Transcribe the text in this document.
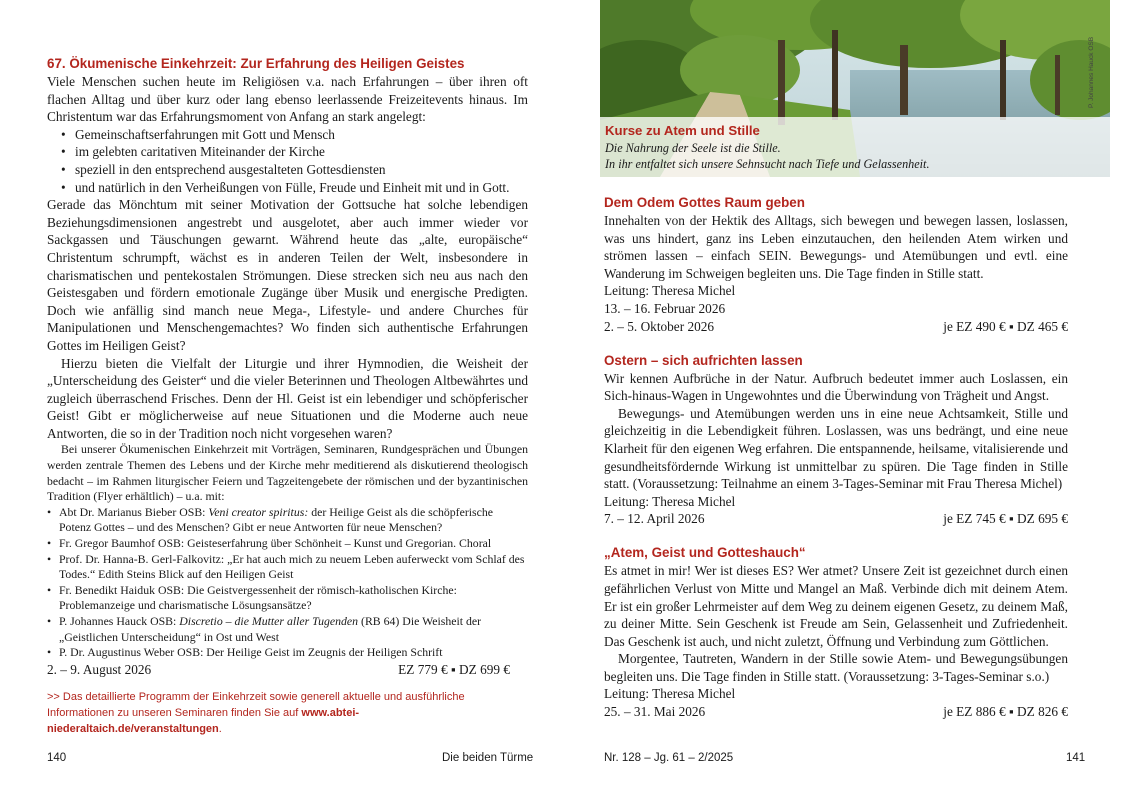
67. Ökumenische Einkehrzeit: Zur Erfahrung des Heiligen Geistes

Viele Menschen suchen heute im Religiösen v.a. nach Erfahrungen – über ihren oft flachen Alltag und über kurz oder lang ebenso leerlassende Freizeitevents hinaus. Im Christentum war das Erfahrungsmoment von Anfang an stark angelegt:

• Gemeinschaftserfahrungen mit Gott und Mensch
• im gelebten caritativen Miteinander der Kirche
• speziell in den entsprechend ausgestalteten Gottesdiensten
• und natürlich in den Verheißungen von Fülle, Freude und Einheit mit und in Gott.

Gerade das Mönchtum mit seiner Motivation der Gottsuche hat solche lebendigen Beziehungsdimensionen angestrebt und ausgelotet, aber auch immer wieder vor Sackgassen und Täuschungen gewarnt. Während heute das „alte, europäische“ Christentum schrumpft, wächst es in anderen Teilen der Welt, insbesondere in charismatischen und pentekostalen Strömungen. Diese strecken sich neu aus nach den Geistesgaben und fördern emotionale Zugänge über Musik und energische Predigten. Doch wie anfällig sind manch neue Mega-, Lifestyle- und andere Churches für Manipulationen und Menschengemachtes? Wo finden sich authentische Erfahrungen Gottes im Heiligen Geist?

Hierzu bieten die Vielfalt der Liturgie und ihrer Hymnodien, die Weisheit der „Unterscheidung des Geister“ und die vieler Beterinnen und Theologen Altbewährtes und zugleich überraschend Frisches. Denn der Hl. Geist ist ein lebendiger und schöpferischer Geist! Gibt er möglicherweise auf neue Situationen und die Moderne auch neue Antworten, die so in der Tradition noch nicht vorgesehen waren?

Bei unserer Ökumenischen Einkehrzeit mit Vorträgen, Seminaren, Rundgesprächen und Übungen werden zentrale Themen des Lebens und der Kirche mehr meditierend als diskutierend theologisch bedacht – im Rahmen liturgischer Feiern und Tagzeitengebete der römischen und der byzantinischen Tradition (Flyer erhältlich) – u.a. mit:

• Abt Dr. Marianus Bieber OSB: Veni creator spiritus: der Heilige Geist als die schöpferische Potenz Gottes – und des Menschen? Gibt er neue Antworten für neue Menschen?
• Fr. Gregor Baumhof OSB: Geisteserfahrung über Schönheit – Kunst und Gregorian. Choral
• Prof. Dr. Hanna-B. Gerl-Falkovitz: „Er hat auch mich zu neuem Leben auferweckt vom Schlaf des Todes.“ Edith Steins Blick auf den Heiligen Geist
• Fr. Benedikt Haiduk OSB: Die Geistvergessenheit der römisch-katholischen Kirche: Problemanzeige und charismatische Lösungsansätze?
• P. Johannes Hauck OSB: Discretio – die Mutter aller Tugenden (RB 64) Die Weisheit der „Geistlichen Unterscheidung“ in Ost und West
• P. Dr. Augustinus Weber OSB: Der Heilige Geist im Zeugnis der Heiligen Schrift
2. – 9. August 2026	EZ 779 € ▪ DZ 699 €
>> Das detaillierte Programm der Einkehrzeit sowie generell aktuelle und ausführliche Informationen zu unseren Seminaren finden Sie auf www.abtei-niederaltaich.de/veranstaltungen.
140	Die beiden Türme
Kurse zu Atem und Stille
Die Nahrung der Seele ist die Stille.
In ihr entfaltet sich unsere Sehnsucht nach Tiefe und Gelassenheit.
P. Johannes Hauck OSB
Dem Odem Gottes Raum geben

Innehalten von der Hektik des Alltags, sich bewegen und bewegen lassen, loslassen, was uns hindert, ganz ins Leben einzutauchen, den heilenden Atem wirken und strömen lassen – einfach SEIN. Bewegungs- und Atemübungen und evtl. eine Wanderung im Schweigen begleiten uns. Die Tage finden in Stille statt.

Leitung: Theresa Michel
13. – 16. Februar 2026
2. – 5. Oktober 2026	je EZ 490 € ▪ DZ 465 €
Ostern – sich aufrichten lassen

Wir kennen Aufbrüche in der Natur. Aufbruch bedeutet immer auch Loslassen, ein Sich-hinaus-Wagen in Ungewohntes und die Überwindung von Trägheit und Angst.

Bewegungs- und Atemübungen werden uns in eine neue Achtsamkeit, Stille und gleichzeitig in die Lebendigkeit führen. Loslassen, was uns bedrängt, und eine neue Klarheit für den eigenen Weg erfahren. Die entspannende, heilsame, vitalisierende und gesundheitsfördernde Wirkung ist unmittelbar zu spüren. Die Tage finden in Stille statt. (Voraussetzung: Teilnahme an einem 3-Tages-Seminar mit Frau Theresa Michel)

Leitung: Theresa Michel
7. – 12. April 2026	je EZ 745 € ▪ DZ 695 €
„Atem, Geist und Gotteshauch“

Es atmet in mir! Wer ist dieses ES? Wer atmet? Unsere Zeit ist gezeichnet durch einen gefährlichen Verlust von Mitte und Mangel an Maß. Verbinde dich mit deinem Atem. Er ist ein großer Lehrmeister auf dem Weg zu deinem eigenen Gesetz, zu deinem Maß, zu deiner Mitte. Sein Geschenk ist Freude am Sein, Gelassenheit und Zufriedenheit. Das Geschenk ist auch, und nicht zuletzt, Öffnung und Verbindung zum Göttlichen.

Morgentee, Tautreten, Wandern in der Stille sowie Atem- und Bewegungsübungen begleiten uns. Die Tage finden in Stille statt. (Voraussetzung: 3-Tages-Seminar s.o.)

Leitung: Theresa Michel
25. – 31. Mai 2026	je EZ 886 € ▪ DZ 826 €
Nr. 128 – Jg. 61 – 2/2025	141
